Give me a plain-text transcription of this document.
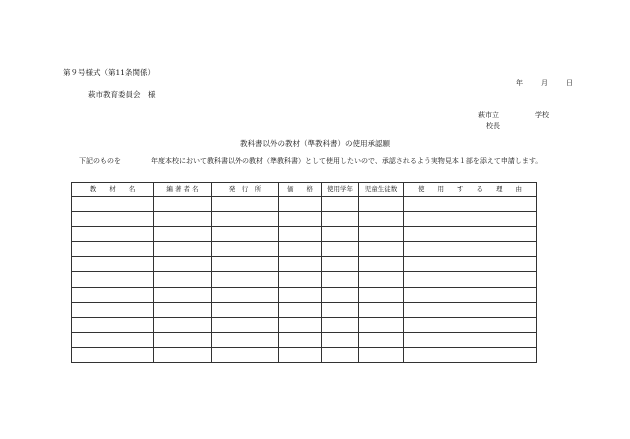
第９号様式（第11条関係）
年	月	日
萩市教育委員会　様
萩市立	学校
校長
教科書以外の教材（準教科書）の使用承認願
下記のものを	年度本校において教科書以外の教材（準教科書）として使用したいので、承認されるよう実物見本１部を添えて申請します。
教　　材　　名	編 著 者 名	発　行　所	価　　格	使用学年	児童生徒数	使　　用　　す　　る　　理　　由
